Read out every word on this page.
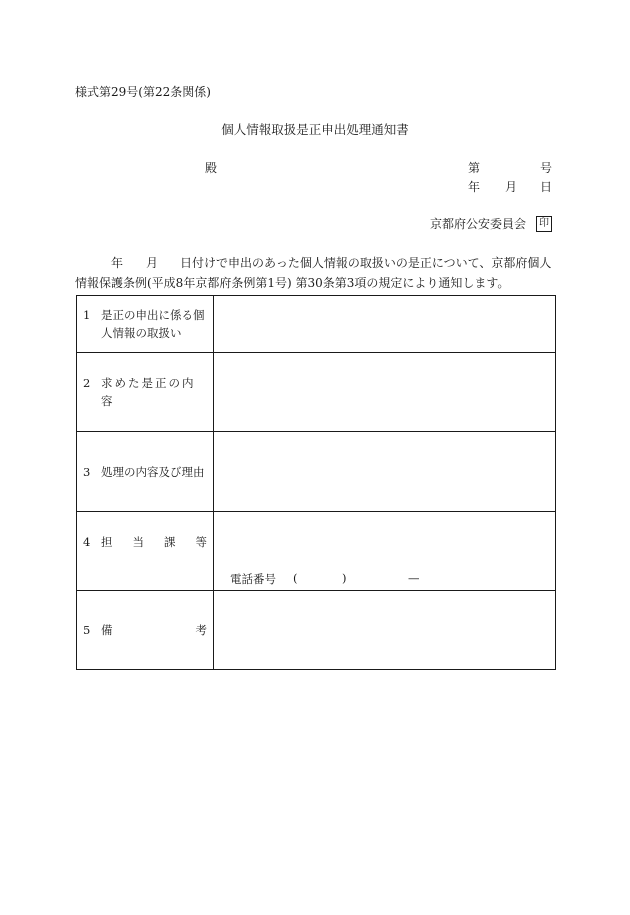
様式第29号(第22条関係)
個人情報取扱是正申出処理通知書
殿	第	号
年 月 日
京都府公安委員会	印
年 月 日付けで申出のあった個人情報の取扱いの是正について、京都府個人情報保護条例(平成8年京都府条例第1号) 第30条第3項の規定により通知します。
1 是正の申出に係る個人情報の取扱い	

2 求めた是正の内容	

3 処理の内容及び理由	

4 担 当 課 等	電話番号 ( ) —

5 備 考	
